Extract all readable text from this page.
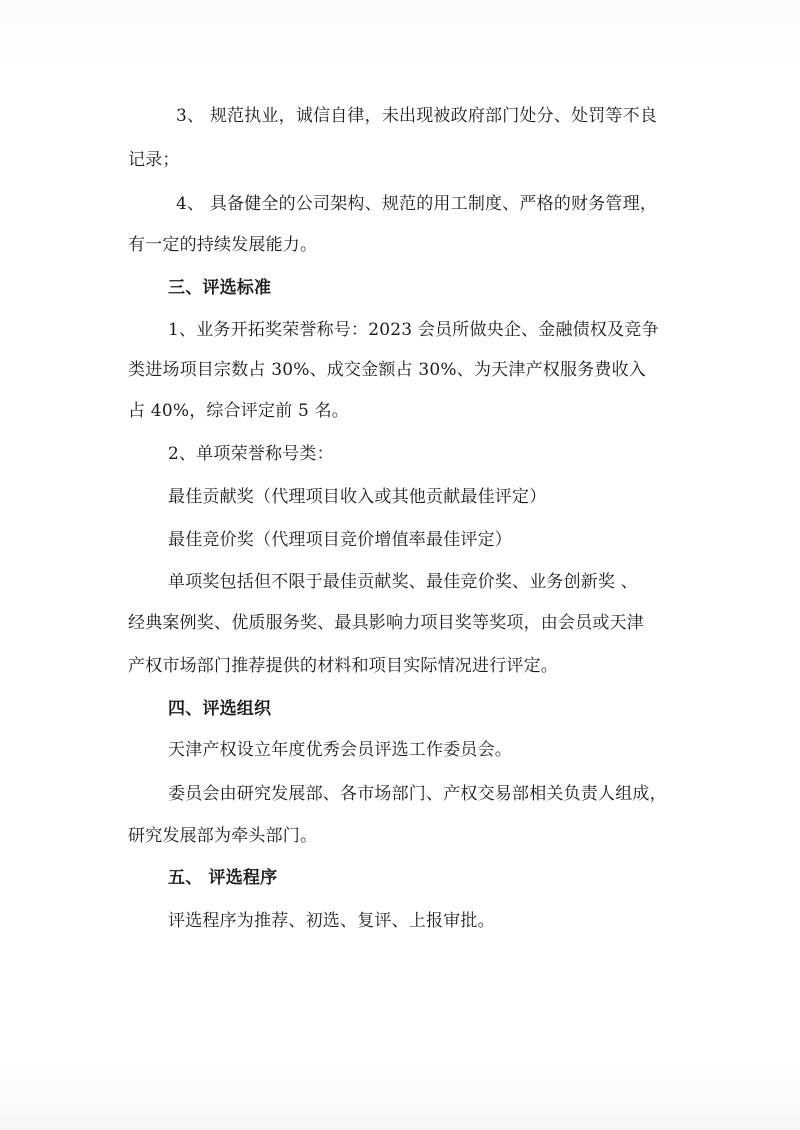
3、 规范执业，诚信自律，未出现被政府部门处分、处罚等不良
记录；
4、 具备健全的公司架构、规范的用工制度、严格的财务管理，
有一定的持续发展能力。
三、评选标准
1、业务开拓奖荣誉称号：2023 会员所做央企、金融债权及竞争
类进场项目宗数占 30%、成交金额占 30%、为天津产权服务费收入
占 40%，综合评定前 5 名。
2、单项荣誉称号类：
最佳贡献奖（代理项目收入或其他贡献最佳评定）
最佳竞价奖（代理项目竞价增值率最佳评定）
单项奖包括但不限于最佳贡献奖、最佳竞价奖、业务创新奖 、
经典案例奖、优质服务奖、最具影响力项目奖等奖项，由会员或天津
产权市场部门推荐提供的材料和项目实际情况进行评定。
四、评选组织
天津产权设立年度优秀会员评选工作委员会。
委员会由研究发展部、各市场部门、产权交易部相关负责人组成，
研究发展部为牵头部门。
五、 评选程序
评选程序为推荐、初选、复评、上报审批。
